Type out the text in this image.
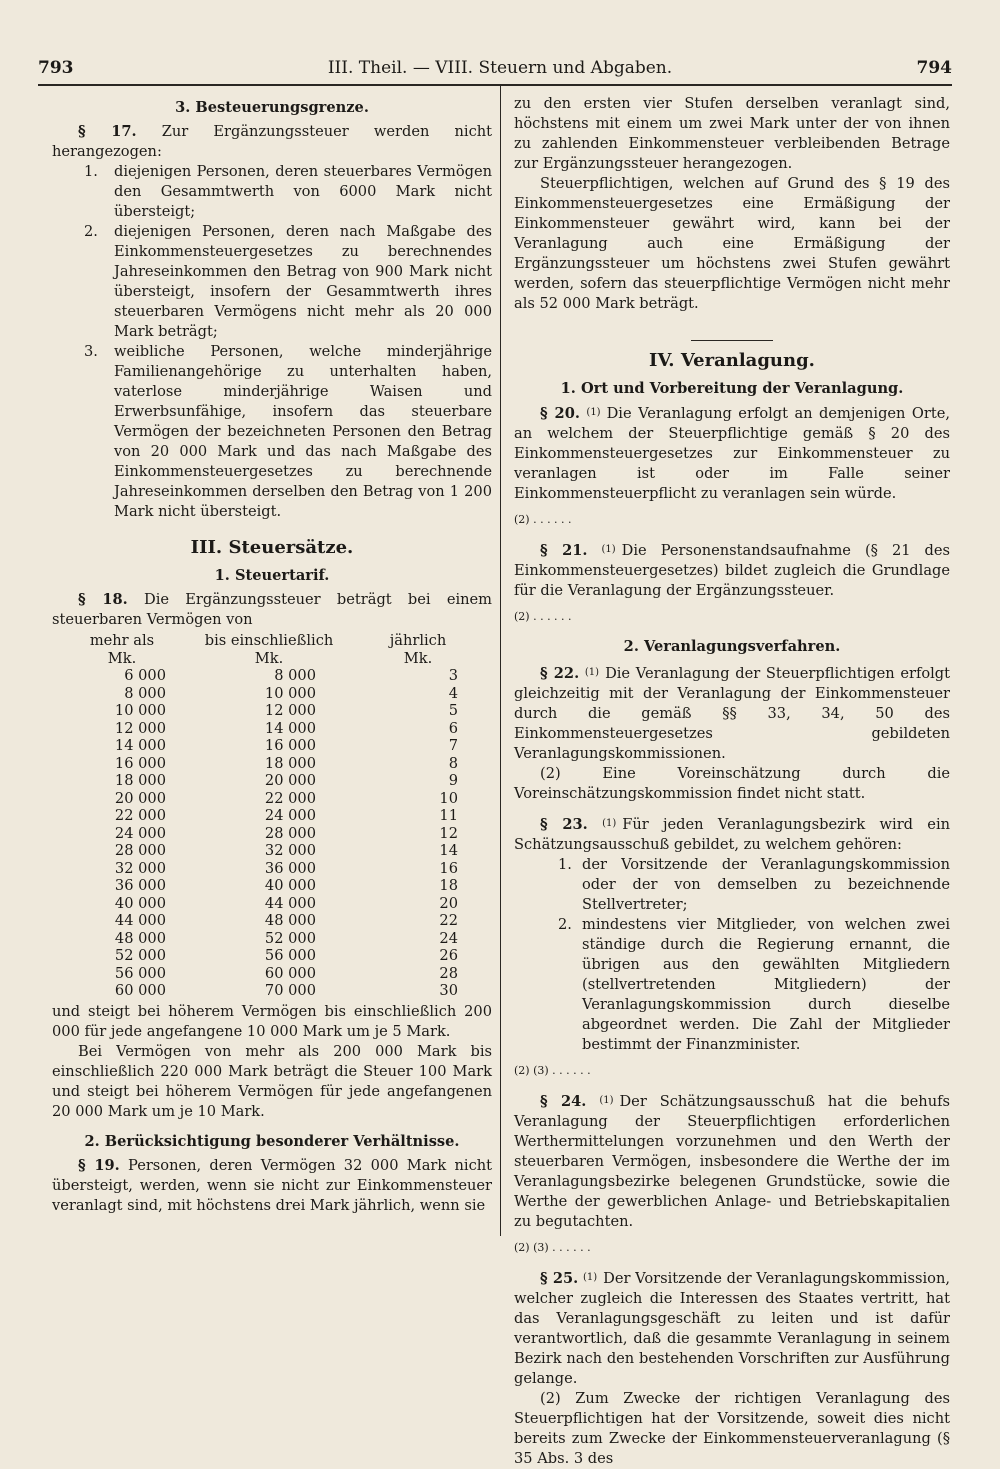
793	III. Theil. — VIII. Steuern und Abgaben.	794
3. Besteuerungsgrenze.

§ 17. Zur Ergänzungssteuer werden nicht herangezogen:

1. diejenigen Personen, deren steuerbares Vermögen den Gesammtwerth von 6000 Mark nicht übersteigt;
2. diejenigen Personen, deren nach Maßgabe des Einkommensteuergesetzes zu berechnendes Jahreseinkommen den Betrag von 900 Mark nicht übersteigt, insofern der Gesammtwerth ihres steuerbaren Vermögens nicht mehr als 20 000 Mark beträgt;
3. weibliche Personen, welche minderjährige Familienangehörige zu unterhalten haben, vaterlose minderjährige Waisen und Erwerbsunfähige, insofern das steuerbare Vermögen der bezeichneten Personen den Betrag von 20 000 Mark und das nach Maßgabe des Einkommensteuergesetzes zu berechnende Jahreseinkommen derselben den Betrag von 1 200 Mark nicht übersteigt.
III. Steuersätze.
1. Steuertarif.

§ 18. Die Ergänzungssteuer beträgt bei einem steuerbaren Vermögen von

mehr als	bis einschließlich	jährlich
Mk.	Mk.	Mk.
6 000	8 000	3
8 000	10 000	4
10 000	12 000	5
12 000	14 000	6
14 000	16 000	7
16 000	18 000	8
18 000	20 000	9
20 000	22 000	10
22 000	24 000	11
24 000	28 000	12
28 000	32 000	14
32 000	36 000	16
36 000	40 000	18
40 000	44 000	20
44 000	48 000	22
48 000	52 000	24
52 000	56 000	26
56 000	60 000	28
60 000	70 000	30

und steigt bei höherem Vermögen bis einschließlich 200 000 für jede angefangene 10 000 Mark um je 5 Mark.

Bei Vermögen von mehr als 200 000 Mark bis einschließlich 220 000 Mark beträgt die Steuer 100 Mark und steigt bei höherem Vermögen für jede angefangenen 20 000 Mark um je 10 Mark.

2. Berücksichtigung besonderer Verhältnisse.

§ 19. Personen, deren Vermögen 32 000 Mark nicht übersteigt, werden, wenn sie nicht zur Einkommensteuer veranlagt sind, mit höchstens drei Mark jährlich, wenn sie

zu den ersten vier Stufen derselben veranlagt sind, höchstens mit einem um zwei Mark unter der von ihnen zu zahlenden Einkommensteuer verbleibenden Betrage zur Ergänzungssteuer herangezogen.

Steuerpflichtigen, welchen auf Grund des § 19 des Einkommensteuergesetzes eine Ermäßigung der Einkommensteuer gewährt wird, kann bei der Veranlagung auch eine Ermäßigung der Ergänzungssteuer um höchstens zwei Stufen gewährt werden, sofern das steuerpflichtige Vermögen nicht mehr als 52 000 Mark beträgt.

IV. Veranlagung.
1. Ort und Vorbereitung der Veranlagung.

§ 20. $^{(1)}$ Die Veranlagung erfolgt an demjenigen Orte, an welchem der Steuerpflichtige gemäß § 20 des Einkommensteuergesetzes zur Einkommensteuer zu veranlagen ist oder im Falle seiner Einkommensteuerpflicht zu veranlagen sein würde.

(2) . . . . . .

§ 21. $^{(1)}$ Die Personenstandsaufnahme (§ 21 des Einkommensteuergesetzes) bildet zugleich die Grundlage für die Veranlagung der Ergänzungssteuer.

(2) . . . . . .
2. Veranlagungsverfahren.

§ 22. $^{(1)}$ Die Veranlagung der Steuerpflichtigen erfolgt gleichzeitig mit der Veranlagung der Einkommensteuer durch die gemäß §§ 33, 34, 50 des Einkommensteuergesetzes gebildeten Veranlagungskommissionen.

(2) Eine Voreinschätzung durch die Voreinschätzungskommission findet nicht statt.

§ 23. $^{(1)}$ Für jeden Veranlagungsbezirk wird ein Schätzungsausschuß gebildet, zu welchem gehören:

1. der Vorsitzende der Veranlagungskommission oder der von demselben zu bezeichnende Stellvertreter;
2. mindestens vier Mitglieder, von welchen zwei ständige durch die Regierung ernannt, die übrigen aus den gewählten Mitgliedern (stellvertretenden Mitgliedern) der Veranlagungskommission durch dieselbe abgeordnet werden. Die Zahl der Mitglieder bestimmt der Finanzminister.
(2) (3) . . . . . .

§ 24. $^{(1)}$ Der Schätzungsausschuß hat die behufs Veranlagung der Steuerpflichtigen erforderlichen Werthermittelungen vorzunehmen und den Werth der steuerbaren Vermögen, insbesondere die Werthe der im Veranlagungsbezirke belegenen Grundstücke, sowie die Werthe der gewerblichen Anlage- und Betriebskapitalien zu begutachten.

(2) (3) . . . . . .

§ 25. $^{(1)}$ Der Vorsitzende der Veranlagungskommission, welcher zugleich die Interessen des Staates vertritt, hat das Veranlagungsgeschäft zu leiten und ist dafür verantwortlich, daß die gesammte Veranlagung in seinem Bezirk nach den bestehenden Vorschriften zur Ausführung gelange.

(2) Zum Zwecke der richtigen Veranlagung des Steuerpflichtigen hat der Vorsitzende, soweit dies nicht bereits zum Zwecke der Einkommensteuerveranlagung (§ 35 Abs. 3 des
